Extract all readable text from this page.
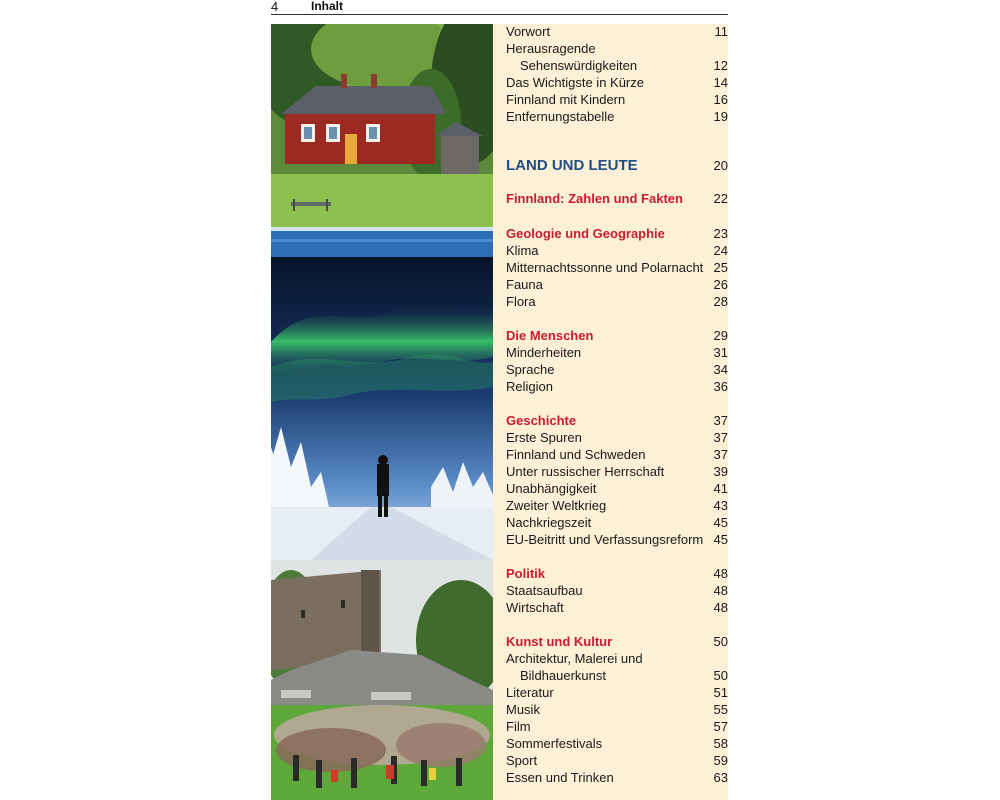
4	Inhalt
Vorwort	11
Herausragende
Sehenswürdigkeiten	12
Das Wichtigste in Kürze	14
Finnland mit Kindern	16
Entfernungstabelle	19
LAND UND LEUTE	20
Finnland: Zahlen und Fakten 22
Geologie und Geographie	23
Klima	24
Mitternachtssonne und Polarnacht 25
Fauna	26
Flora	28
Die Menschen	29
Minderheiten	31
Sprache	34
Religion	36
Geschichte	37
Erste Spuren	37
Finnland und Schweden	37
Unter russischer Herrschaft	39
Unabhängigkeit	41
Zweiter Weltkrieg	43
Nachkriegszeit	45
EU-Beitritt und Verfassungsreform 45
Politik	48
Staatsaufbau	48
Wirtschaft	48
Kunst und Kultur	50
Architektur, Malerei und
Bildhauerkunst	50
Literatur	51
Musik	55
Film	57
Sommerfestivals	58
Sport	59
Essen und Trinken	63
